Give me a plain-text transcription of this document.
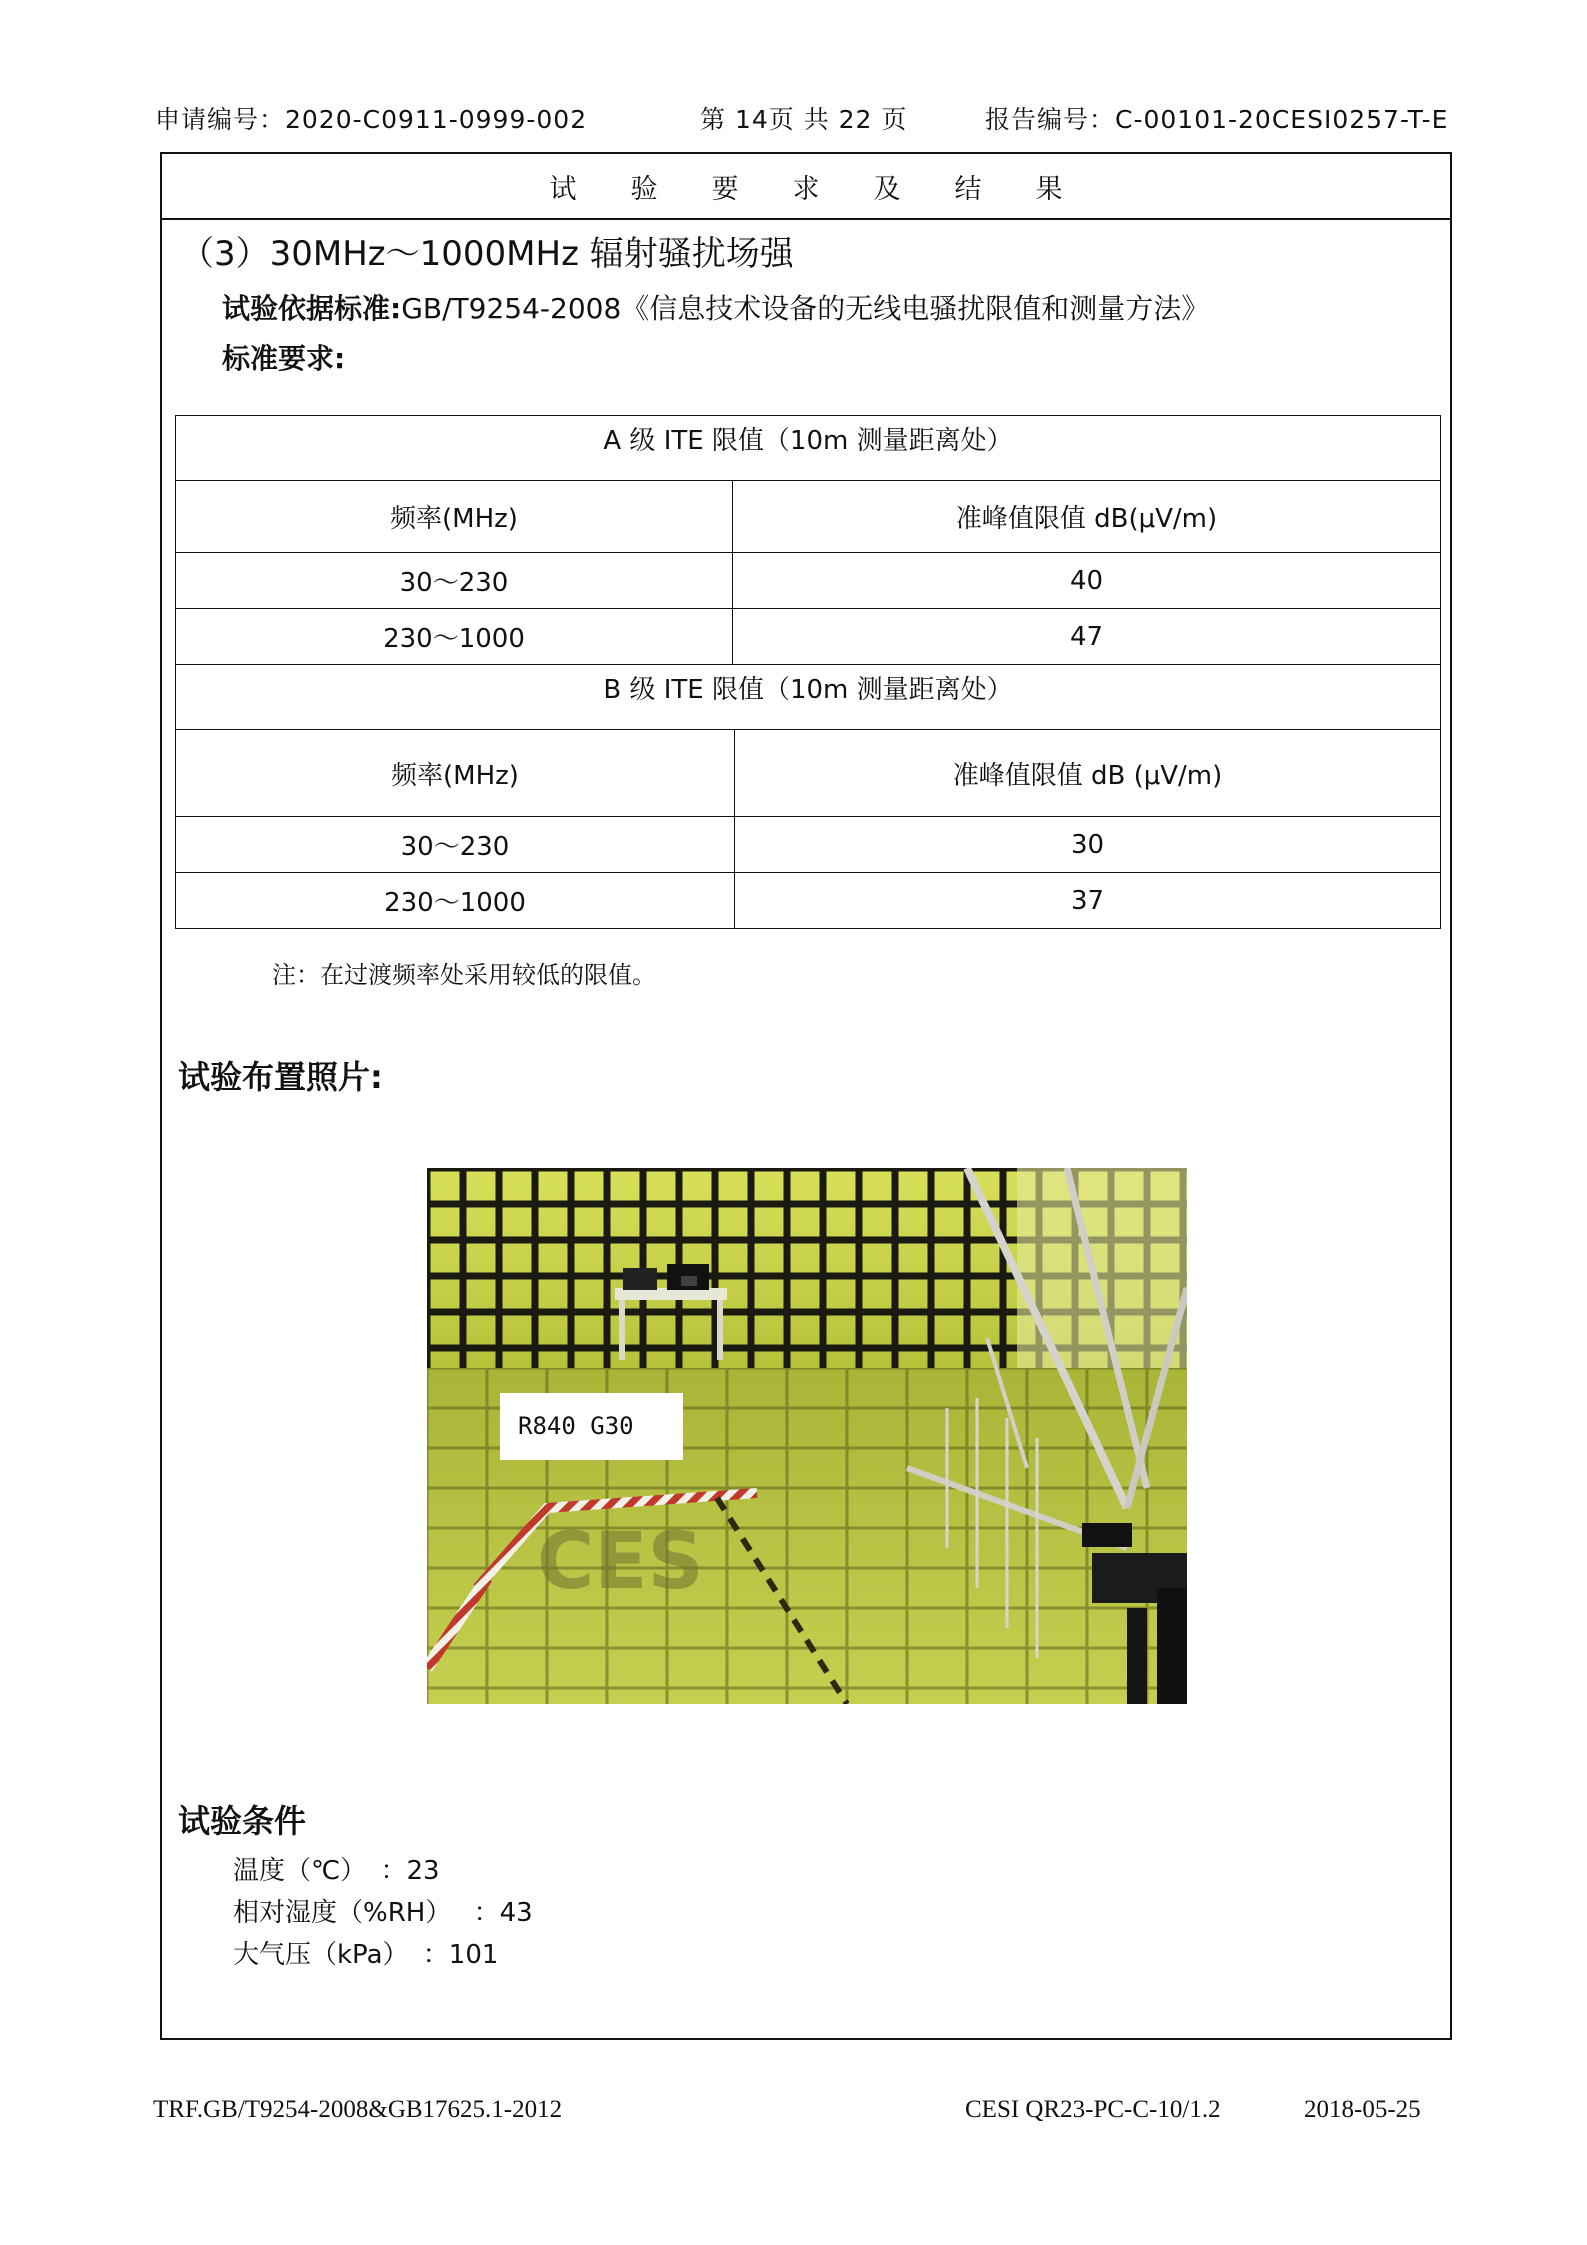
申请编号：2020-C0911-0999-002	第 14页 共 22 页	报告编号：C-00101-20CESI0257-T-E
试验要求及结果
（3）30MHz～1000MHz 辐射骚扰场强
试验依据标准:GB/T9254-2008《信息技术设备的无线电骚扰限值和测量方法》
标准要求:
A 级 ITE 限值（10m 测量距离处）	
频率(MHz)	准峰值限值 dB(μV/m)
30～230	40
230～1000	47
B 级 ITE 限值（10m 测量距离处）	
频率(MHz)	准峰值限值 dB (μV/m)
30～230	30
230～1000	37
注：在过渡频率处采用较低的限值。
试验布置照片:
CES
R840 G30
试验条件
温度（℃） ：23
相对湿度（%RH） ：43
大气压（kPa） ：101
TRF.GB/T9254-2008&GB17625.1-2012	CESI QR23-PC-C-10/1.2	2018-05-25
